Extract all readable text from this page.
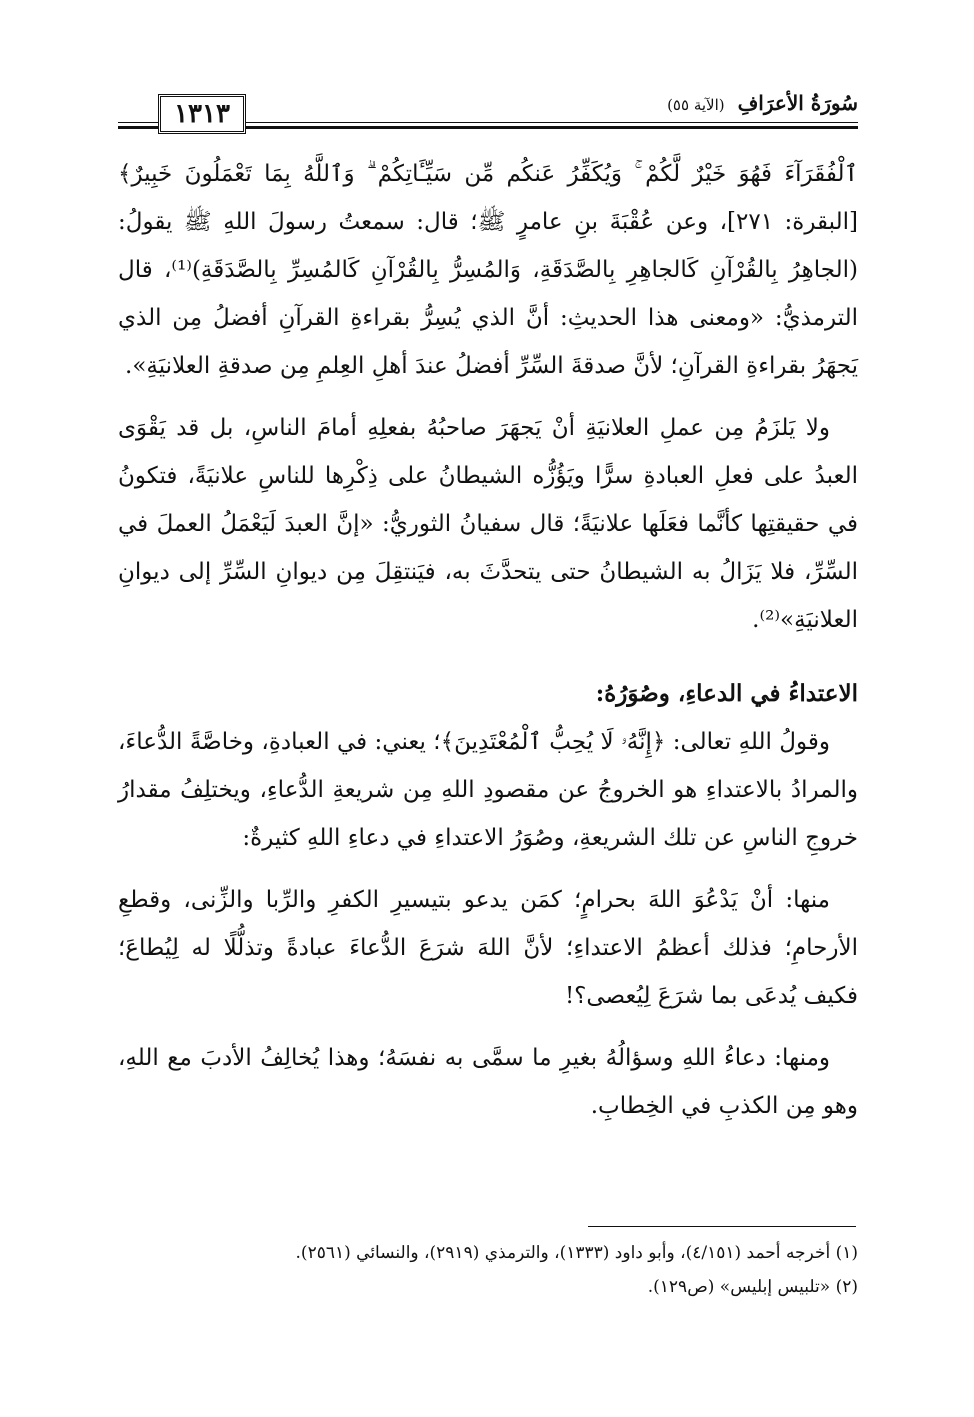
١٣١٣	سُورَةُ الأعرَافِ (الآية ٥٥)

ٱلْفُقَرَآءَ فَهُوَ خَيْرٌ لَّكُمْ ۚ وَيُكَفِّرُ عَنكُم مِّن سَيِّـَٔاتِكُمْ ۗ وَٱللَّهُ بِمَا تَعْمَلُونَ خَبِيرٌ﴾ [البقرة: ٢٧١]، وعن عُقْبَةَ بنِ عامرٍ ﷺ؛ قال: سمعتُ رسولَ اللهِ ﷺ يقولُ: (الجاهِرُ بِالقُرْآنِ كَالجاهِرِ بِالصَّدَقَةِ، وَالمُسِرُّ بِالقُرْآنِ كَالمُسِرِّ بِالصَّدَقَةِ)⁽¹⁾، قال الترمذيُّ: «ومعنى هذا الحديثِ: أنَّ الذي يُسِرُّ بقراءةِ القرآنِ أفضلُ مِن الذي يَجهَرُ بقراءةِ القرآنِ؛ لأنَّ صدقةَ السِّرِّ أفضلُ عندَ أهلِ العِلمِ مِن صدقةِ العلانيَةِ».

ولا يَلزَمُ مِن عملِ العلانيَةِ أنْ يَجهَرَ صاحبُهُ بفعلِهِ أمامَ الناسِ، بل قد يَقْوَى العبدُ على فعلِ العبادةِ سرًّا ويَؤُزُّه الشيطانُ على ذِكْرِها للناسِ علانيَةً، فتكونُ في حقيقتِها كأنَّما فعَلَها علانيَةً؛ قال سفيانُ الثوريُّ: «إنَّ العبدَ لَيَعْمَلُ العملَ في السِّرِّ، فلا يَزَالُ به الشيطانُ حتى يتحدَّثَ به، فيَنتقِلَ مِن ديوانِ السِّرِّ إلى ديوانِ العلانيَةِ»⁽²⁾.

الاعتداءُ في الدعاءِ، وصُوَرُهُ:

وقولُ اللهِ تعالى: ﴿إِنَّهُۥ لَا يُحِبُّ ٱلْمُعْتَدِينَ﴾؛ يعني: في العبادةِ، وخاصَّةً الدُّعاءَ، والمرادُ بالاعتداءِ هو الخروجُ عن مقصودِ اللهِ مِن شريعةِ الدُّعاءِ، ويختلِفُ مقدارُ خروجِ الناسِ عن تلك الشريعةِ، وصُوَرُ الاعتداءِ في دعاءِ اللهِ كثيرةٌ:

منها: أنْ يَدْعُوَ اللهَ بحرامٍ؛ كمَن يدعو بتيسيرِ الكفرِ والرِّبا والزِّنى، وقطعِ الأرحامِ؛ فذلك أعظمُ الاعتداءِ؛ لأنَّ اللهَ شرَعَ الدُّعاءَ عبادةً وتذلُّلًا له لِيُطاعَ؛ فكيف يُدعَى بما شرَعَ لِيُعصى؟!

ومنها: دعاءُ اللهِ وسؤالُهُ بغيرِ ما سمَّى به نفسَهُ؛ وهذا يُخالِفُ الأدبَ مع اللهِ، وهو مِن الكذبِ في الخِطابِ.

(١) أخرجه أحمد (٤/١٥١)، وأبو داود (١٣٣٣)، والترمذي (٢٩١٩)، والنسائي (٢٥٦١).

(٢) «تلبيس إبليس» (ص١٢٩).
